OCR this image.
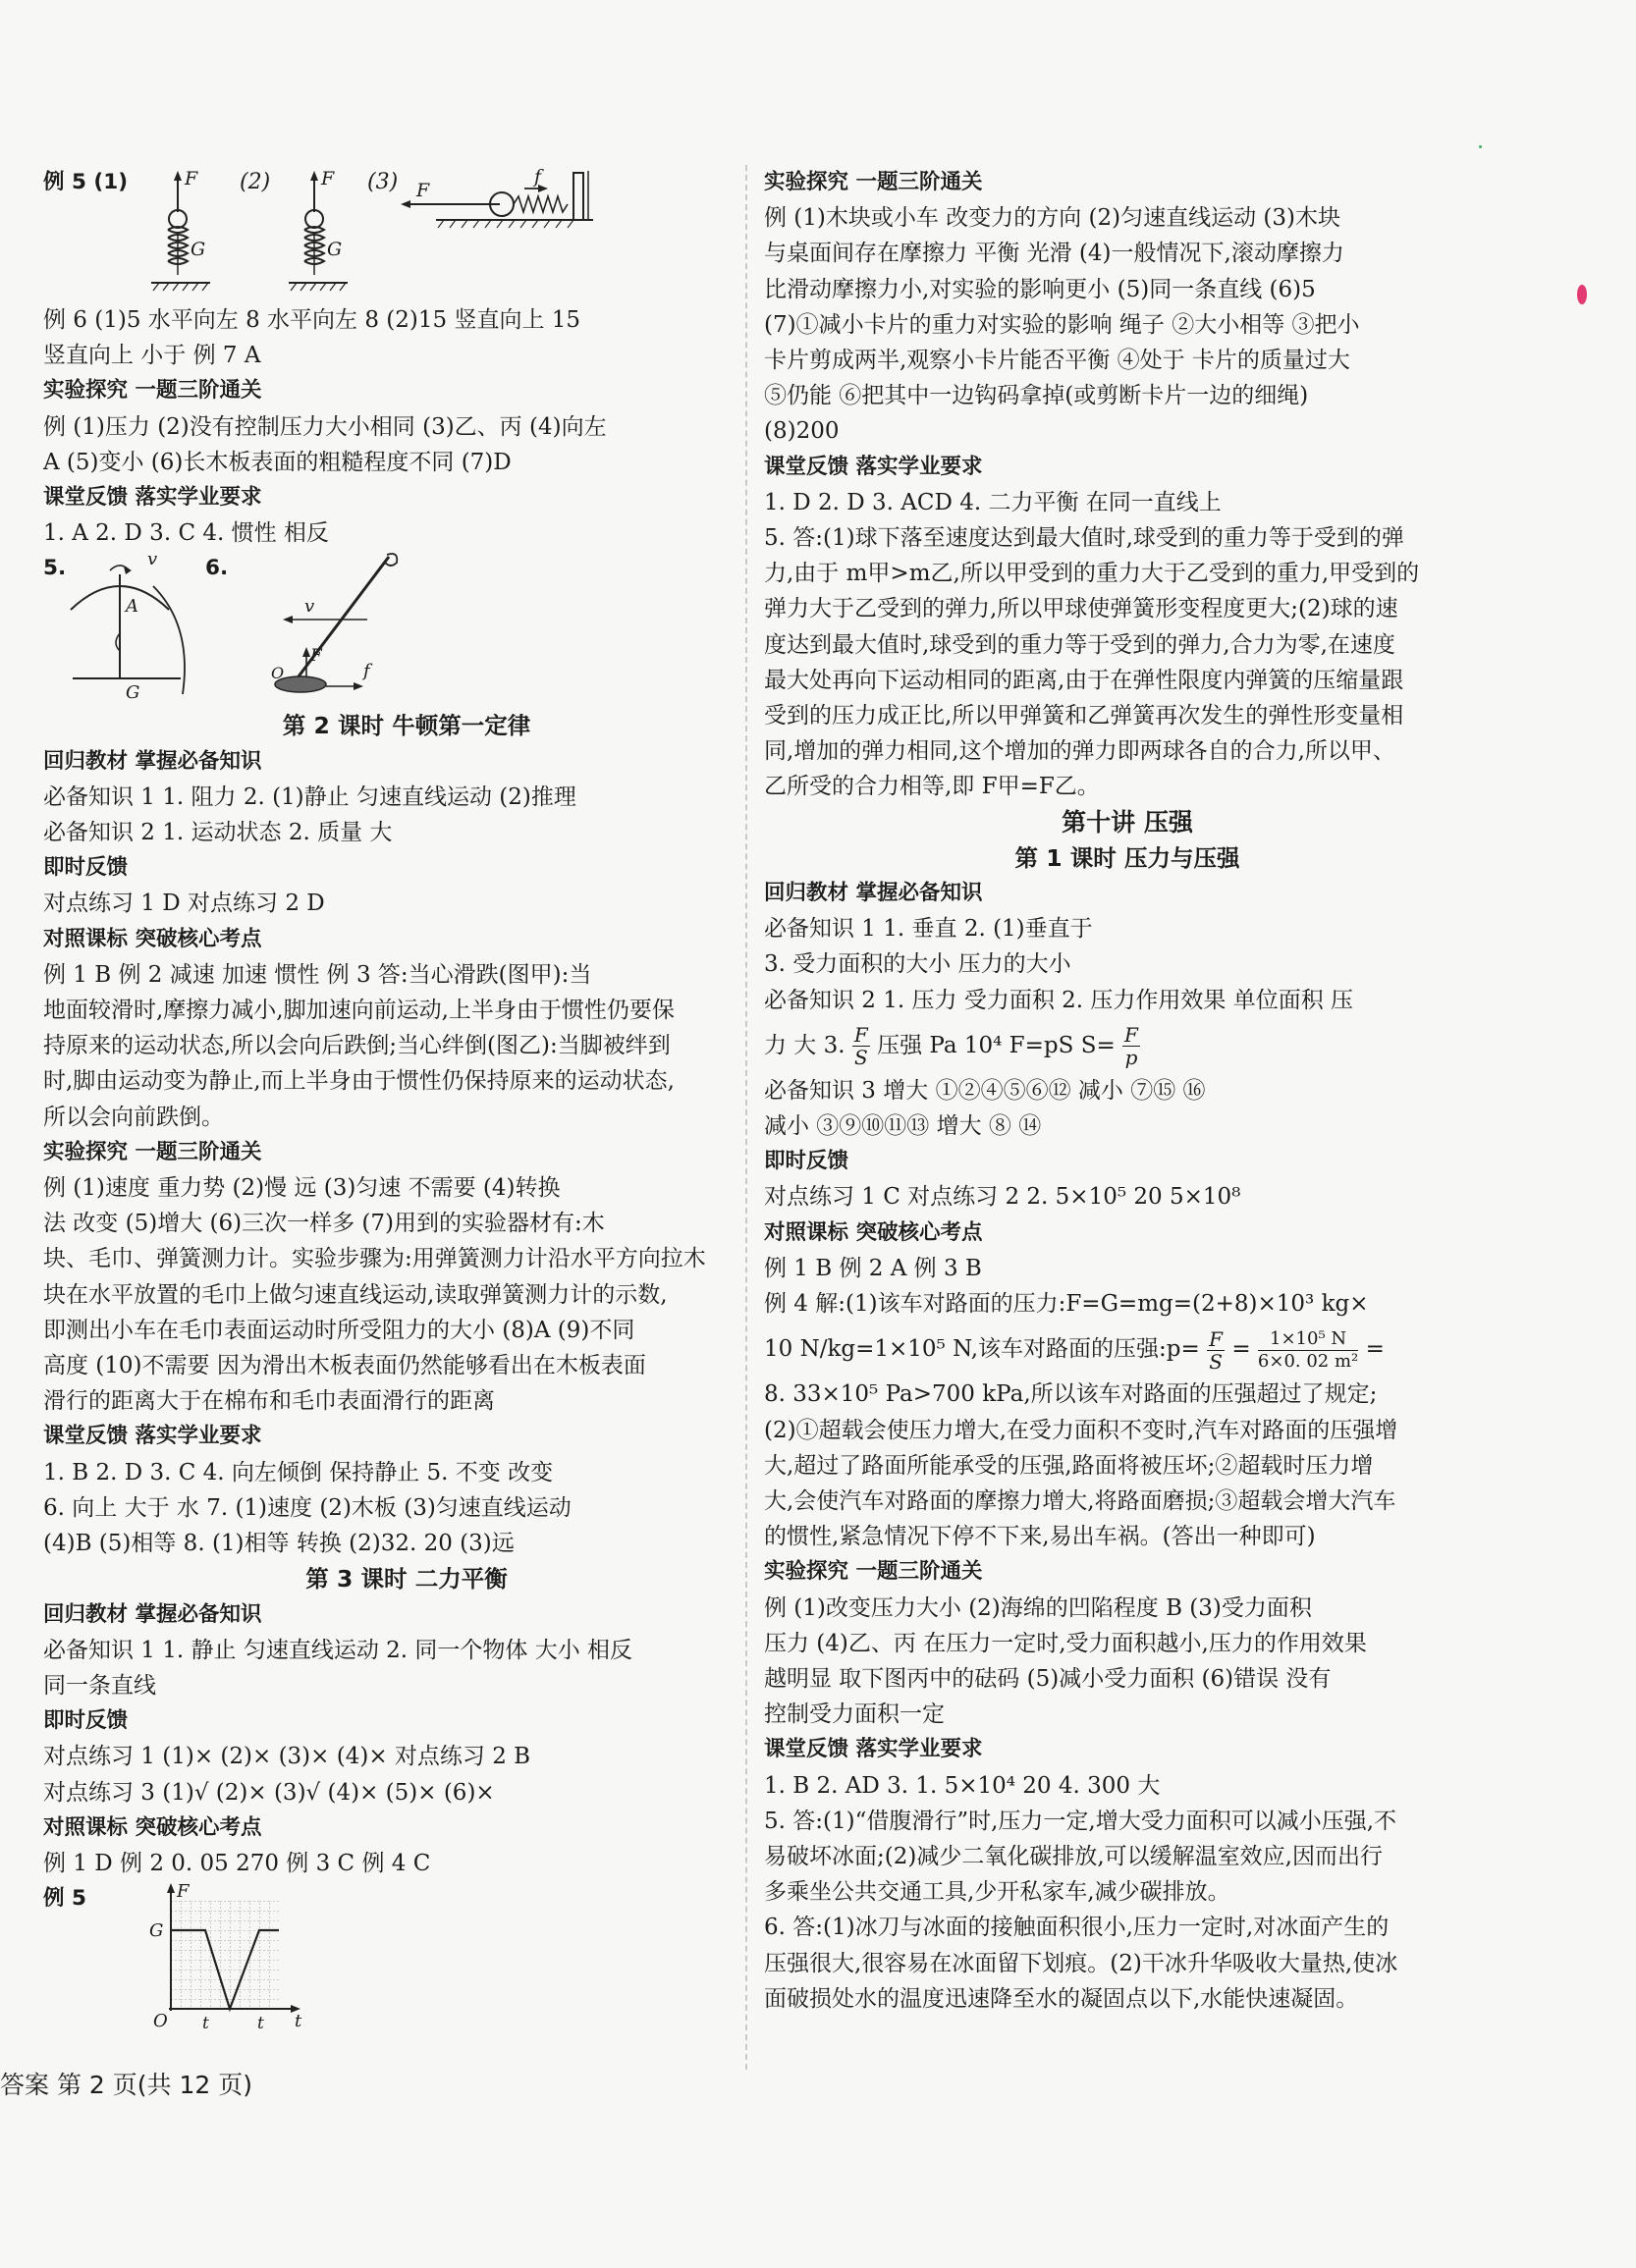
例 5 (1)	F
G
(2)	F
G
(3) F
f
例 6 (1)5 水平向左 8 水平向左 8 (2)15 竖直向上 15
竖直向上 小于 例 7 A
实验探究 一题三阶通关
例 (1)压力 (2)没有控制压力大小相同 (3)乙、丙 (4)向左
A (5)变小 (6)长木板表面的粗糙程度不同 (7)D
课堂反馈 落实学业要求
1. A 2. D 3. C 4. 惯性 相反
5.	6.
v
A
G
v
F
f
O
第 2 课时 牛顿第一定律
回归教材 掌握必备知识
必备知识 1 1. 阻力 2. (1)静止 匀速直线运动 (2)推理
必备知识 2 1. 运动状态 2. 质量 大
即时反馈
对点练习 1 D 对点练习 2 D
对照课标 突破核心考点
例 1 B 例 2 减速 加速 惯性 例 3 答:当心滑跌(图甲):当
地面较滑时,摩擦力减小,脚加速向前运动,上半身由于惯性仍要保
持原来的运动状态,所以会向后跌倒;当心绊倒(图乙):当脚被绊到
时,脚由运动变为静止,而上半身由于惯性仍保持原来的运动状态,
所以会向前跌倒。
实验探究 一题三阶通关
例 (1)速度 重力势 (2)慢 远 (3)匀速 不需要 (4)转换
法 改变 (5)增大 (6)三次一样多 (7)用到的实验器材有:木
块、毛巾、弹簧测力计。实验步骤为:用弹簧测力计沿水平方向拉木
块在水平放置的毛巾上做匀速直线运动,读取弹簧测力计的示数,
即测出小车在毛巾表面运动时所受阻力的大小 (8)A (9)不同
高度 (10)不需要 因为滑出木板表面仍然能够看出在木板表面
滑行的距离大于在棉布和毛巾表面滑行的距离
课堂反馈 落实学业要求
1. B 2. D 3. C 4. 向左倾倒 保持静止 5. 不变 改变
6. 向上 大于 水 7. (1)速度 (2)木板 (3)匀速直线运动
(4)B (5)相等 8. (1)相等 转换 (2)32. 20 (3)远
第 3 课时 二力平衡
回归教材 掌握必备知识
必备知识 1 1. 静止 匀速直线运动 2. 同一个物体 大小 相反
同一条直线
即时反馈
对点练习 1 (1)× (2)× (3)× (4)× 对点练习 2 B
对点练习 3 (1)√ (2)× (3)√ (4)× (5)× (6)×
对照课标 突破核心考点
例 1 D 例 2 0. 05 270 例 3 C 例 4 C
例 5	F
G
O t	t t
实验探究 一题三阶通关
例 (1)木块或小车 改变力的方向 (2)匀速直线运动 (3)木块
与桌面间存在摩擦力 平衡 光滑 (4)一般情况下,滚动摩擦力
比滑动摩擦力小,对实验的影响更小 (5)同一条直线 (6)5
(7)①减小卡片的重力对实验的影响 绳子 ②大小相等 ③把小
卡片剪成两半,观察小卡片能否平衡 ④处于 卡片的质量过大
⑤仍能 ⑥把其中一边钩码拿掉(或剪断卡片一边的细绳)
(8)200
课堂反馈 落实学业要求
1. D 2. D 3. ACD 4. 二力平衡 在同一直线上
5. 答:(1)球下落至速度达到最大值时,球受到的重力等于受到的弹
力,由于 m甲>m乙,所以甲受到的重力大于乙受到的重力,甲受到的
弹力大于乙受到的弹力,所以甲球使弹簧形变程度更大;(2)球的速
度达到最大值时,球受到的重力等于受到的弹力,合力为零,在速度
最大处再向下运动相同的距离,由于在弹性限度内弹簧的压缩量跟
受到的压力成正比,所以甲弹簧和乙弹簧再次发生的弹性形变量相
同,增加的弹力相同,这个增加的弹力即两球各自的合力,所以甲、
乙所受的合力相等,即 F甲=F乙。
第十讲 压强
第 1 课时 压力与压强
回归教材 掌握必备知识
必备知识 1 1. 垂直 2. (1)垂直于
3. 受力面积的大小 压力的大小
必备知识 2 1. 压力 受力面积 2. 压力作用效果 单位面积 压
力 大 3. $\frac{F}{S}$ 压强 Pa 10⁴ F=pS $S= \frac{F}{p}$
必备知识 3 增大 ①②④⑤⑥⑫ 减小 ⑦⑮ ⑯
减小 ③⑨⑩⑪⑬ 增大 ⑧ ⑭
即时反馈
对点练习 1 C 对点练习 2 2. 5×10⁵ 20 5×10⁸
对照课标 突破核心考点
例 1 B 例 2 A 例 3 B
例 4 解:(1)该车对路面的压力:F=G=mg=(2+8)×10³ kg×
10 N/kg=1×10⁵ N,该车对路面的压强:p= $\frac{F}{S} = \frac{\text{1×10⁵ N}}{\text{6×0. 02 m²}}$ =
8. 33×10⁵ Pa>700 kPa,所以该车对路面的压强超过了规定;
(2)①超载会使压力增大,在受力面积不变时,汽车对路面的压强增
大,超过了路面所能承受的压强,路面将被压坏;②超载时压力增
大,会使汽车对路面的摩擦力增大,将路面磨损;③超载会增大汽车
的惯性,紧急情况下停不下来,易出车祸。(答出一种即可)
实验探究 一题三阶通关
例 (1)改变压力大小 (2)海绵的凹陷程度 B (3)受力面积
压力 (4)乙、丙 在压力一定时,受力面积越小,压力的作用效果
越明显 取下图丙中的砝码 (5)减小受力面积 (6)错误 没有
控制受力面积一定
课堂反馈 落实学业要求
1. B 2. AD 3. 1. 5×10⁴ 20 4. 300 大
5. 答:(1)“借腹滑行”时,压力一定,增大受力面积可以减小压强,不
易破坏冰面;(2)减少二氧化碳排放,可以缓解温室效应,因而出行
多乘坐公共交通工具,少开私家车,减少碳排放。
6. 答:(1)冰刀与冰面的接触面积很小,压力一定时,对冰面产生的
压强很大,很容易在冰面留下划痕。(2)干冰升华吸收大量热,使冰
面破损处水的温度迅速降至水的凝固点以下,水能快速凝固。
答案 第 2 页(共 12 页)
